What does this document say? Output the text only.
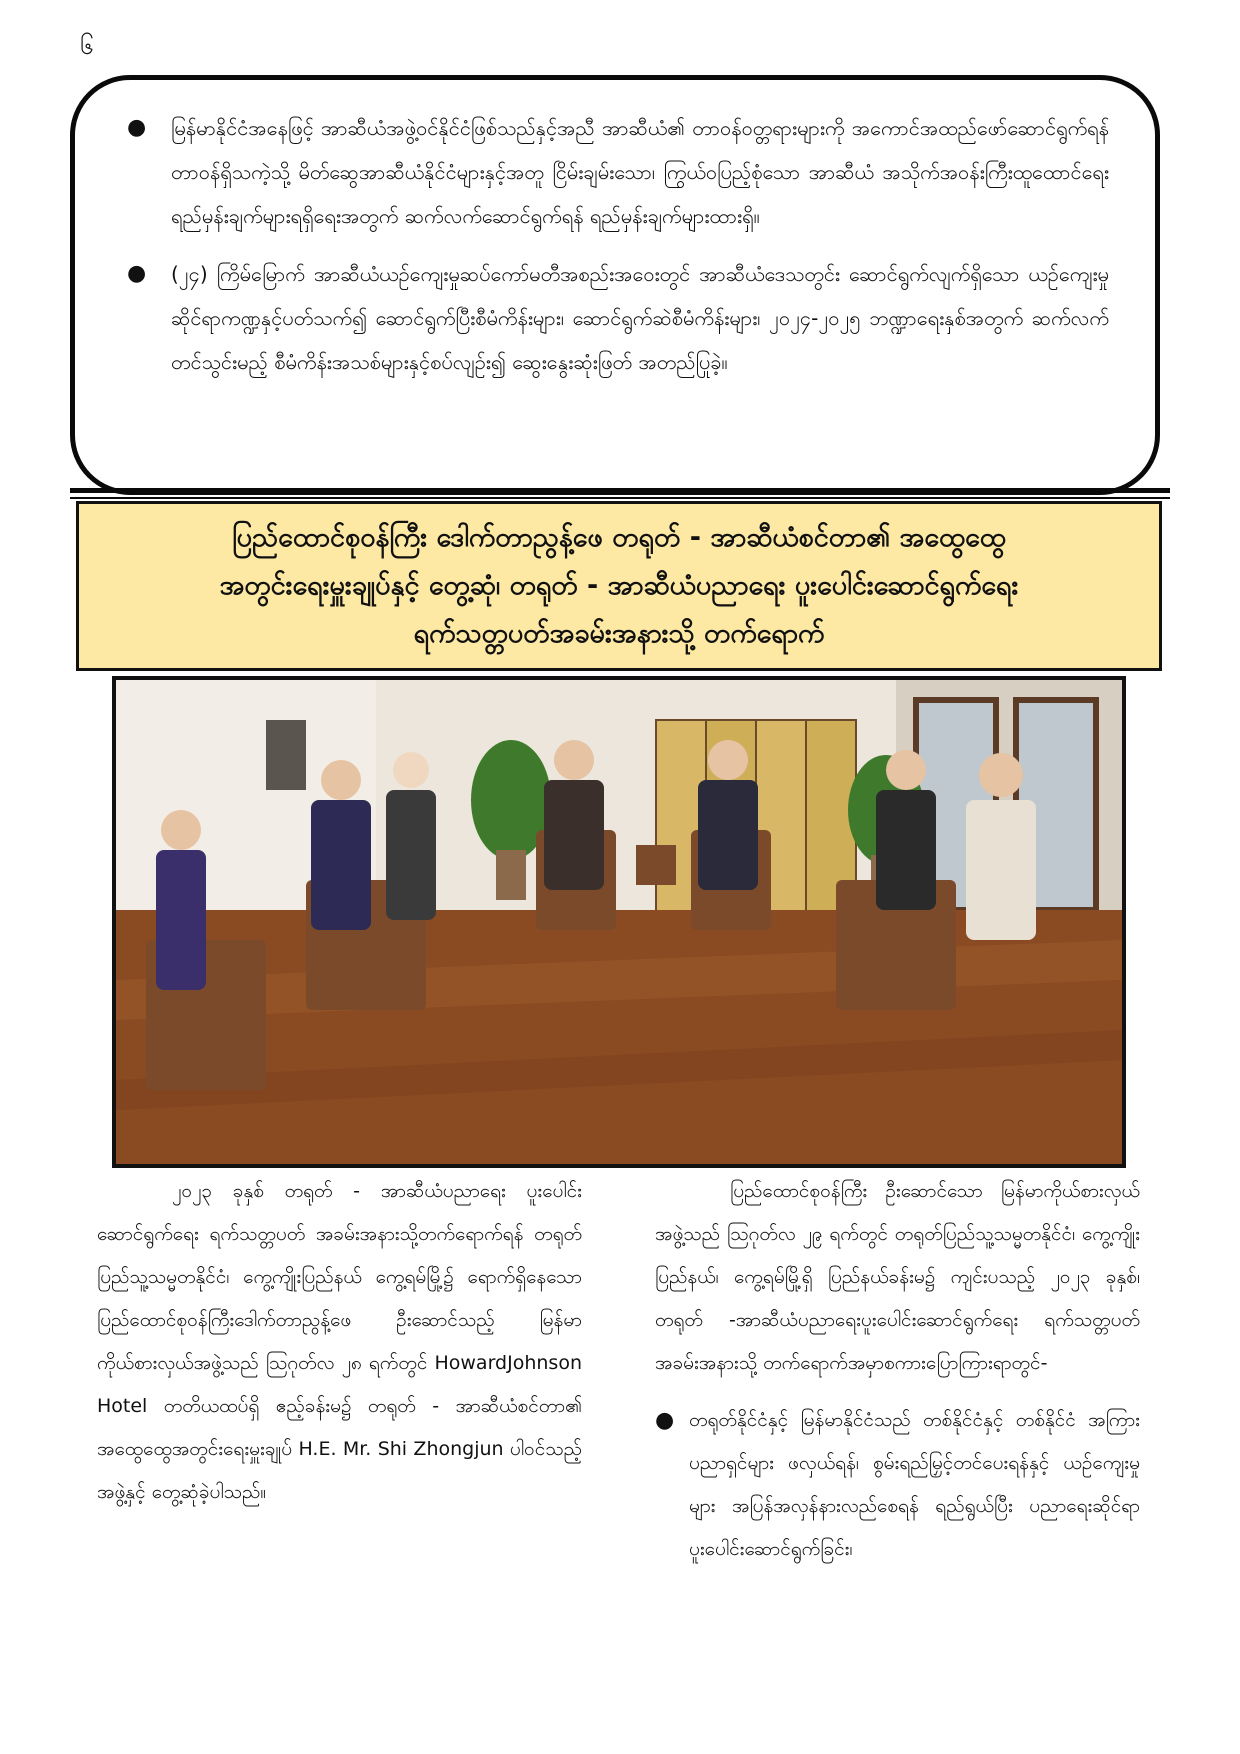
၆
● မြန်မာနိုင်ငံအနေဖြင့် အာဆီယံအဖွဲ့ဝင်နိုင်ငံဖြစ်သည်နှင့်အညီ အာဆီယံ၏ တာဝန်ဝတ္တရားများကို အကောင်အထည်ဖော်ဆောင်ရွက်ရန် တာဝန်ရှိသကဲ့သို့ မိတ်ဆွေအာဆီယံနိုင်ငံများနှင့်အတူ ငြိမ်းချမ်းသော၊ ကြွယ်ဝပြည့်စုံသော အာဆီယံ အသိုက်အဝန်းကြီးထူထောင်ရေး ရည်မှန်းချက်များရရှိရေးအတွက် ဆက်လက်ဆောင်ရွက်ရန် ရည်မှန်းချက်များထားရှိ။
● (၂၄) ကြိမ်မြောက် အာဆီယံယဉ်ကျေးမှုဆပ်ကော်မတီအစည်းအဝေးတွင် အာဆီယံဒေသတွင်း ဆောင်ရွက်လျက်ရှိသော ယဉ်ကျေးမှုဆိုင်ရာကဏ္ဍနှင့်ပတ်သက်၍ ဆောင်ရွက်ပြီးစီမံကိန်းများ၊ ဆောင်ရွက်ဆဲစီမံကိန်းများ၊ ၂၀၂၄-၂၀၂၅ ဘဏ္ဍာရေးနှစ်အတွက် ဆက်လက်တင်သွင်းမည့် စီမံကိန်းအသစ်များနှင့်စပ်လျဉ်း၍ ဆွေးနွေးဆုံးဖြတ် အတည်ပြုခဲ့။
ပြည်ထောင်စုဝန်ကြီး ဒေါက်တာညွန့်ဖေ တရုတ် - အာဆီယံစင်တာ၏ အထွေထွေ
အတွင်းရေးမှူးချုပ်နှင့် တွေ့ဆုံ၊ တရုတ် - အာဆီယံပညာရေး ပူးပေါင်းဆောင်ရွက်ရေး
ရက်သတ္တပတ်အခမ်းအနားသို့ တက်ရောက်

၂၀၂၃ ခုနှစ် တရုတ် - အာဆီယံပညာရေး ပူးပေါင်းဆောင်ရွက်ရေး ရက်သတ္တပတ် အခမ်းအနားသို့တက်ရောက်ရန် တရုတ်ပြည်သူ့သမ္မတနိုင်ငံ၊ ကွေ့ကျိုးပြည်နယ် ကွေ့ရမ်မြို့၌ ရောက်ရှိနေသော ပြည်ထောင်စုဝန်ကြီးဒေါက်တာညွန့်ဖေ ဦးဆောင်သည့် မြန်မာကိုယ်စားလှယ်အဖွဲ့သည် ဩဂုတ်လ ၂၈ ရက်တွင် HowardJohnson Hotel တတိယထပ်ရှိ ဧည့်ခန်းမ၌ တရုတ် - အာဆီယံစင်တာ၏ အထွေထွေအတွင်းရေးမှူးချုပ် H.E. Mr. Shi Zhongjun ပါဝင်သည့်အဖွဲ့နှင့် တွေ့ဆုံခဲ့ပါသည်။

ပြည်ထောင်စုဝန်ကြီး ဦးဆောင်သော မြန်မာကိုယ်စားလှယ်အဖွဲ့သည် ဩဂုတ်လ ၂၉ ရက်တွင် တရုတ်ပြည်သူ့သမ္မတနိုင်ငံ၊ ကွေ့ကျိုးပြည်နယ်၊ ကွေ့ရမ်မြို့ရှိ ပြည်နယ်ခန်းမ၌ ကျင်းပသည့် ၂၀၂၃ ခုနှစ်၊ တရုတ် -အာဆီယံပညာရေးပူးပေါင်းဆောင်ရွက်ရေး ရက်သတ္တပတ် အခမ်းအနားသို့ တက်ရောက်အမှာစကားပြောကြားရာတွင်-

● တရုတ်နိုင်ငံနှင့် မြန်မာနိုင်ငံသည် တစ်နိုင်ငံနှင့် တစ်နိုင်ငံ အကြား ပညာရှင်များ ဖလှယ်ရန်၊ စွမ်းရည်မြှင့်တင်ပေးရန်နှင့် ယဉ်ကျေးမှုများ အပြန်အလှန်နားလည်စေရန် ရည်ရွယ်ပြီး ပညာရေးဆိုင်ရာပူးပေါင်းဆောင်ရွက်ခြင်း၊
